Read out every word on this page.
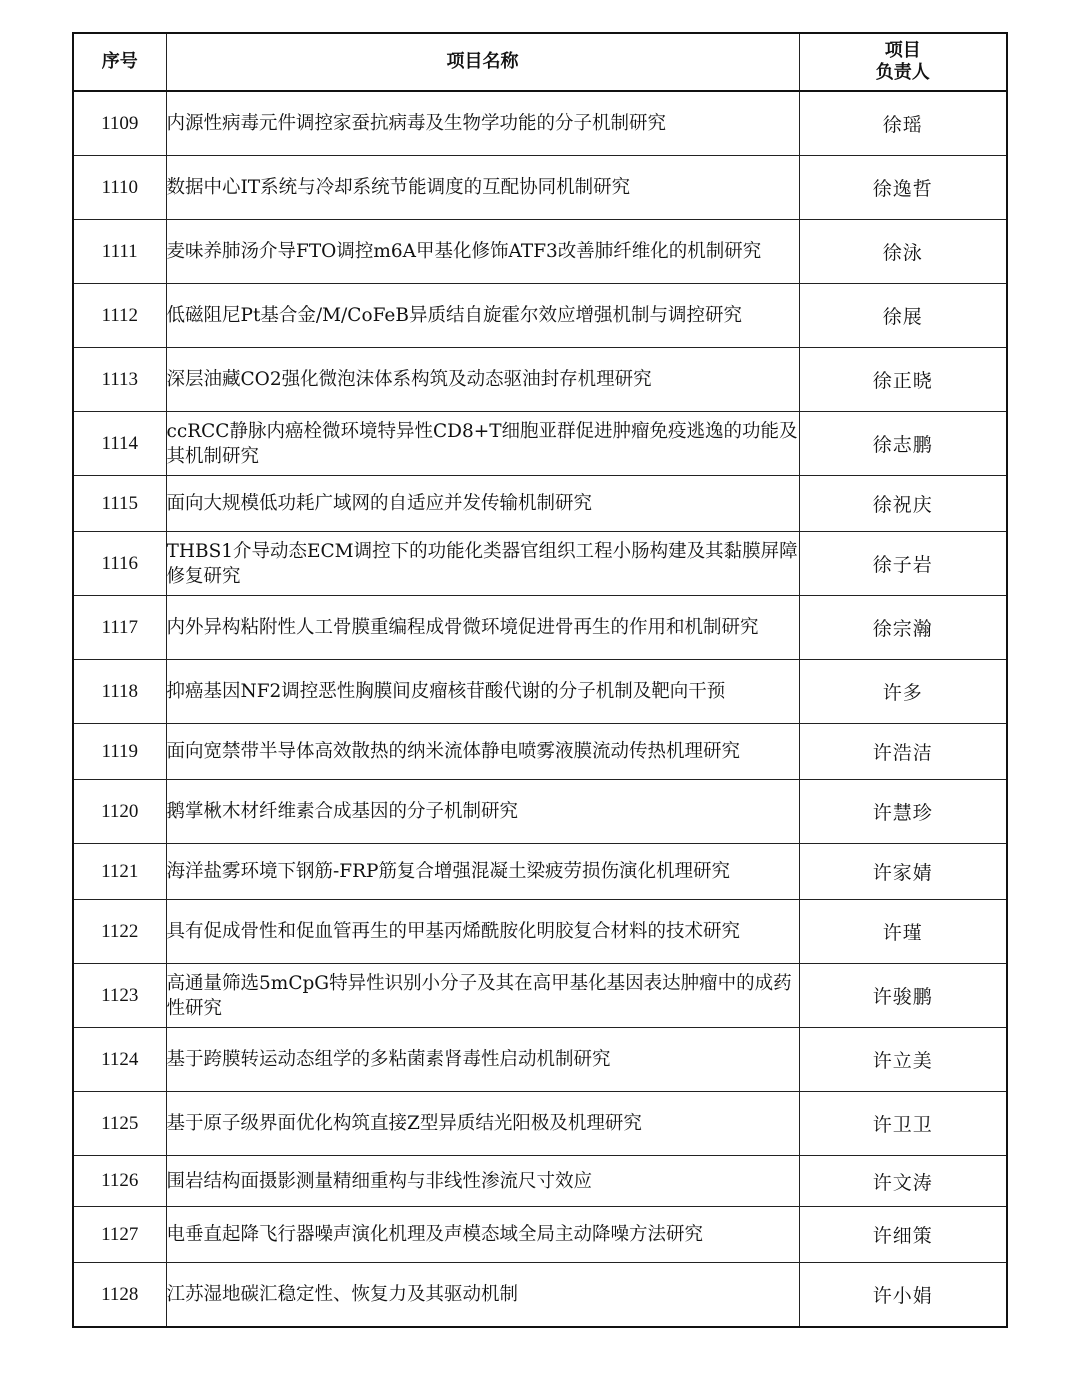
序号	项目名称	项目
负责人

1109	内源性病毒元件调控家蚕抗病毒及生物学功能的分子机制研究	徐瑶
1110	数据中心IT系统与冷却系统节能调度的互配协同机制研究	徐逸哲
1111	麦味养肺汤介导FTO调控m6A甲基化修饰ATF3改善肺纤维化的机制研究	徐泳
1112	低磁阻尼Pt基合金/M/CoFeB异质结自旋霍尔效应增强机制与调控研究	徐展
1113	深层油藏CO2强化微泡沫体系构筑及动态驱油封存机理研究	徐正晓
1114	ccRCC静脉内癌栓微环境特异性CD8+T细胞亚群促进肿瘤免疫逃逸的功能及其机制研究	徐志鹏
1115	面向大规模低功耗广域网的自适应并发传输机制研究	徐祝庆
1116	THBS1介导动态ECM调控下的功能化类器官组织工程小肠构建及其黏膜屏障修复研究	徐子岩
1117	内外异构粘附性人工骨膜重编程成骨微环境促进骨再生的作用和机制研究	徐宗瀚
1118	抑癌基因NF2调控恶性胸膜间皮瘤核苷酸代谢的分子机制及靶向干预	许多
1119	面向宽禁带半导体高效散热的纳米流体静电喷雾液膜流动传热机理研究	许浩洁
1120	鹅掌楸木材纤维素合成基因的分子机制研究	许慧珍
1121	海洋盐雾环境下钢筋-FRP筋复合增强混凝土梁疲劳损伤演化机理研究	许家婧
1122	具有促成骨性和促血管再生的甲基丙烯酰胺化明胶复合材料的技术研究	许瑾
1123	高通量筛选5mCpG特异性识别小分子及其在高甲基化基因表达肿瘤中的成药性研究	许骏鹏
1124	基于跨膜转运动态组学的多粘菌素肾毒性启动机制研究	许立美
1125	基于原子级界面优化构筑直接Z型异质结光阳极及机理研究	许卫卫
1126	围岩结构面摄影测量精细重构与非线性渗流尺寸效应	许文涛
1127	电垂直起降飞行器噪声演化机理及声模态域全局主动降噪方法研究	许细策
1128	江苏湿地碳汇稳定性、恢复力及其驱动机制	许小娟
